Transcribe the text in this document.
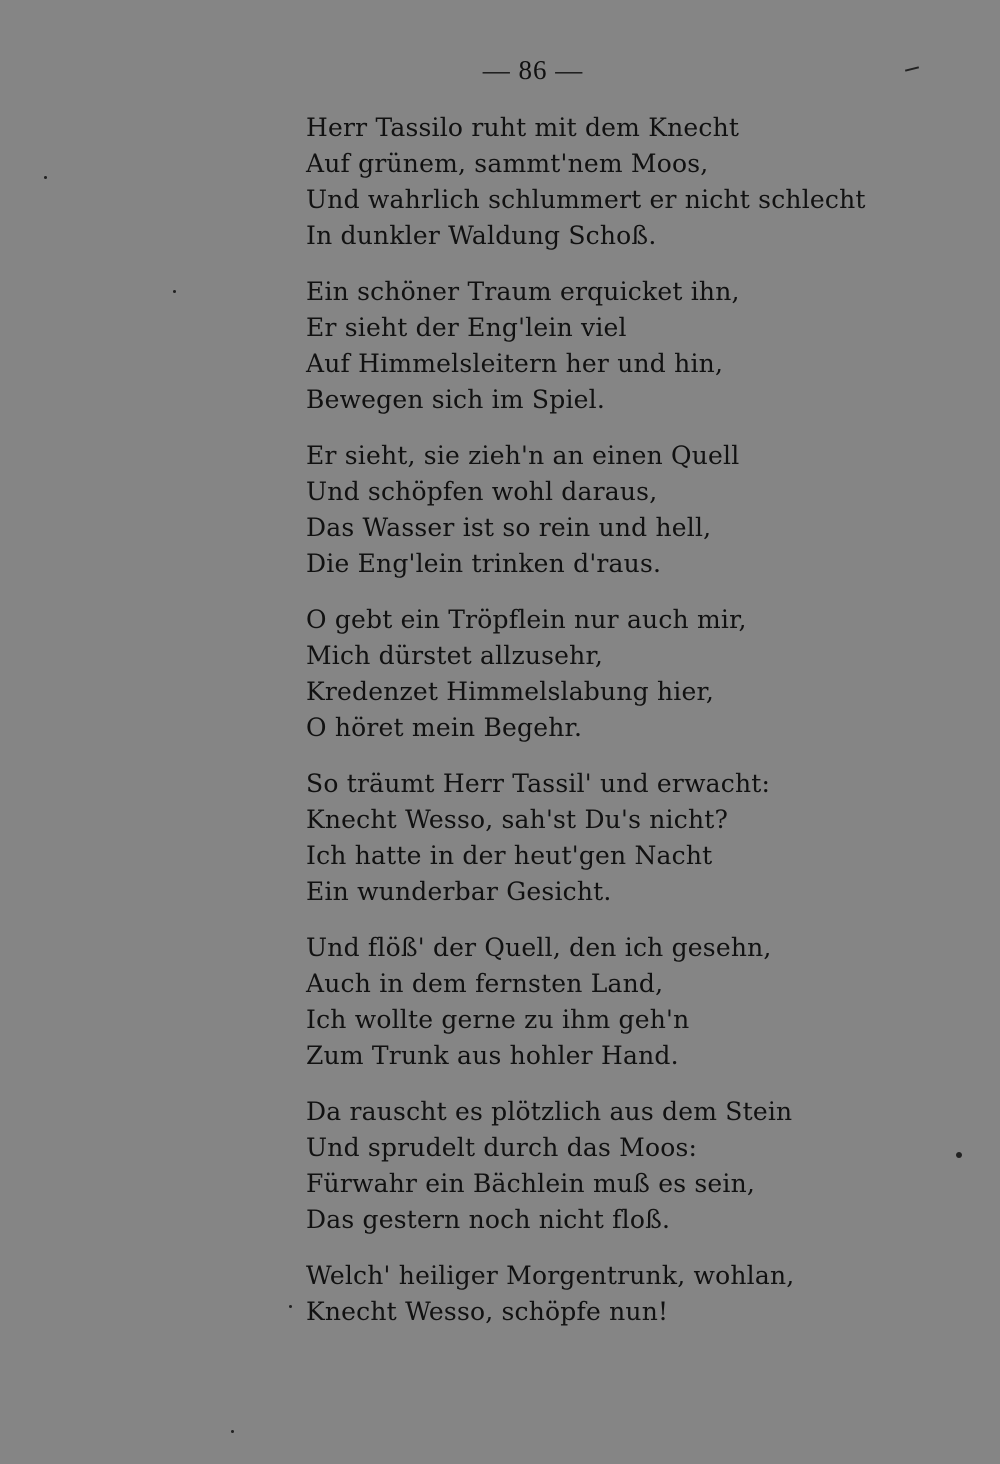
— 86 —
Herr Tassilo ruht mit dem Knecht
Auf grünem, sammt'nem Moos,
Und wahrlich schlummert er nicht schlecht
In dunkler Waldung Schoß.
Ein schöner Traum erquicket ihn,
Er sieht der Eng'lein viel
Auf Himmelsleitern her und hin,
Bewegen sich im Spiel.
Er sieht, sie zieh'n an einen Quell
Und schöpfen wohl daraus,
Das Wasser ist so rein und hell,
Die Eng'lein trinken d'raus.
O gebt ein Tröpflein nur auch mir,
Mich dürstet allzusehr,
Kredenzet Himmelslabung hier,
O höret mein Begehr.
So träumt Herr Tassil' und erwacht:
Knecht Wesso, sah'st Du's nicht?
Ich hatte in der heut'gen Nacht
Ein wunderbar Gesicht.
Und flöß' der Quell, den ich gesehn,
Auch in dem fernsten Land,
Ich wollte gerne zu ihm geh'n
Zum Trunk aus hohler Hand.
Da rauscht es plötzlich aus dem Stein
Und sprudelt durch das Moos:
Fürwahr ein Bächlein muß es sein,
Das gestern noch nicht floß.
Welch' heiliger Morgentrunk, wohlan,
Knecht Wesso, schöpfe nun!
